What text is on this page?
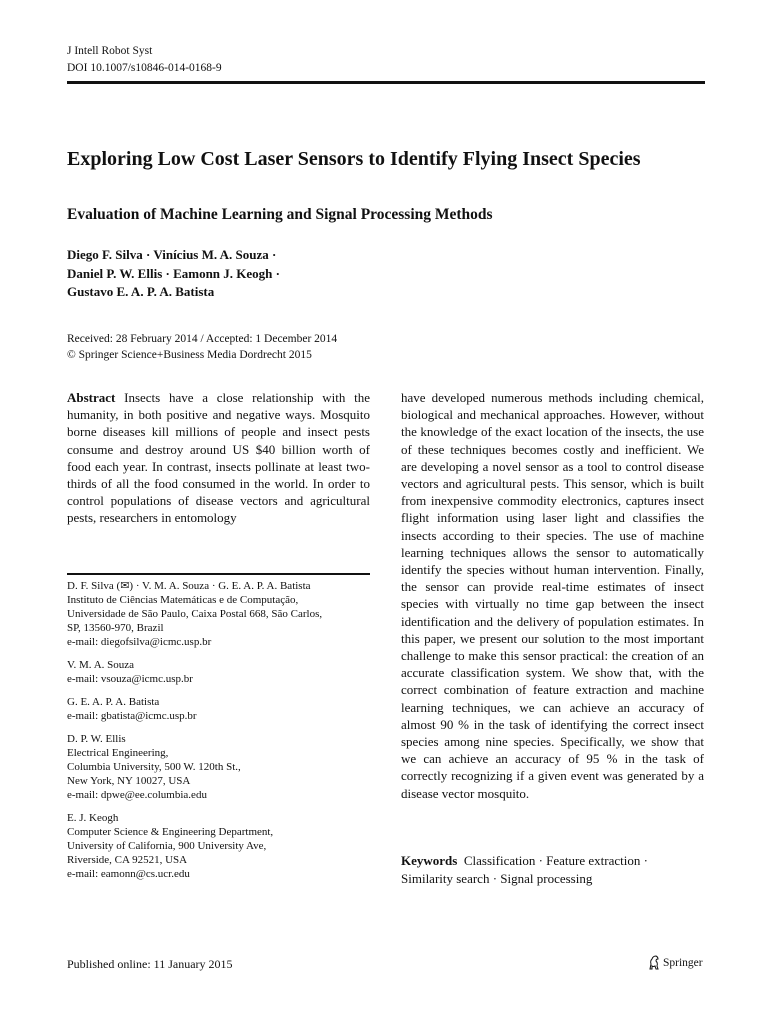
J Intell Robot Syst
DOI 10.1007/s10846-014-0168-9
Exploring Low Cost Laser Sensors to Identify Flying Insect Species
Evaluation of Machine Learning and Signal Processing Methods
Diego F. Silva · Vinícius M. A. Souza ·
Daniel P. W. Ellis · Eamonn J. Keogh ·
Gustavo E. A. P. A. Batista
Received: 28 February 2014 / Accepted: 1 December 2014
© Springer Science+Business Media Dordrecht 2015
Abstract Insects have a close relationship with the humanity, in both positive and negative ways. Mosquito borne diseases kill millions of people and insect pests consume and destroy around US $40 billion worth of food each year. In contrast, insects pollinate at least two-thirds of all the food consumed in the world. In order to control populations of disease vectors and agricultural pests, researchers in entomology

D. F. Silva (✉) · V. M. A. Souza · G. E. A. P. A. Batista

Instituto de Ciências Matemáticas e de Computação,

Universidade de São Paulo, Caixa Postal 668, São Carlos,

SP, 13560-970, Brazil

e-mail: diegofsilva@icmc.usp.br

V. M. A. Souza

e-mail: vsouza@icmc.usp.br

G. E. A. P. A. Batista

e-mail: gbatista@icmc.usp.br

D. P. W. Ellis

Electrical Engineering,

Columbia University, 500 W. 120th St.,

New York, NY 10027, USA

e-mail: dpwe@ee.columbia.edu

E. J. Keogh

Computer Science & Engineering Department,

University of California, 900 University Ave,

Riverside, CA 92521, USA

e-mail: eamonn@cs.ucr.edu

have developed numerous methods including chemical, biological and mechanical approaches. However, without the knowledge of the exact location of the insects, the use of these techniques becomes costly and inefficient. We are developing a novel sensor as a tool to control disease vectors and agricultural pests. This sensor, which is built from inexpensive commodity electronics, captures insect flight information using laser light and classifies the insects according to their species. The use of machine learning techniques allows the sensor to automatically identify the species without human intervention. Finally, the sensor can provide real-time estimates of insect species with virtually no time gap between the insect identification and the delivery of population estimates. In this paper, we present our solution to the most important challenge to make this sensor practical: the creation of an accurate classification system. We show that, with the correct combination of feature extraction and machine learning techniques, we can achieve an accuracy of almost 90 % in the task of identifying the correct insect species among nine species. Specifically, we show that we can achieve an accuracy of 95 % in the task of correctly recognizing if a given event was generated by a disease vector mosquito.
Keywords Classification · Feature extraction ·
Similarity search · Signal processing
Published online: 11 January 2015	Springer
